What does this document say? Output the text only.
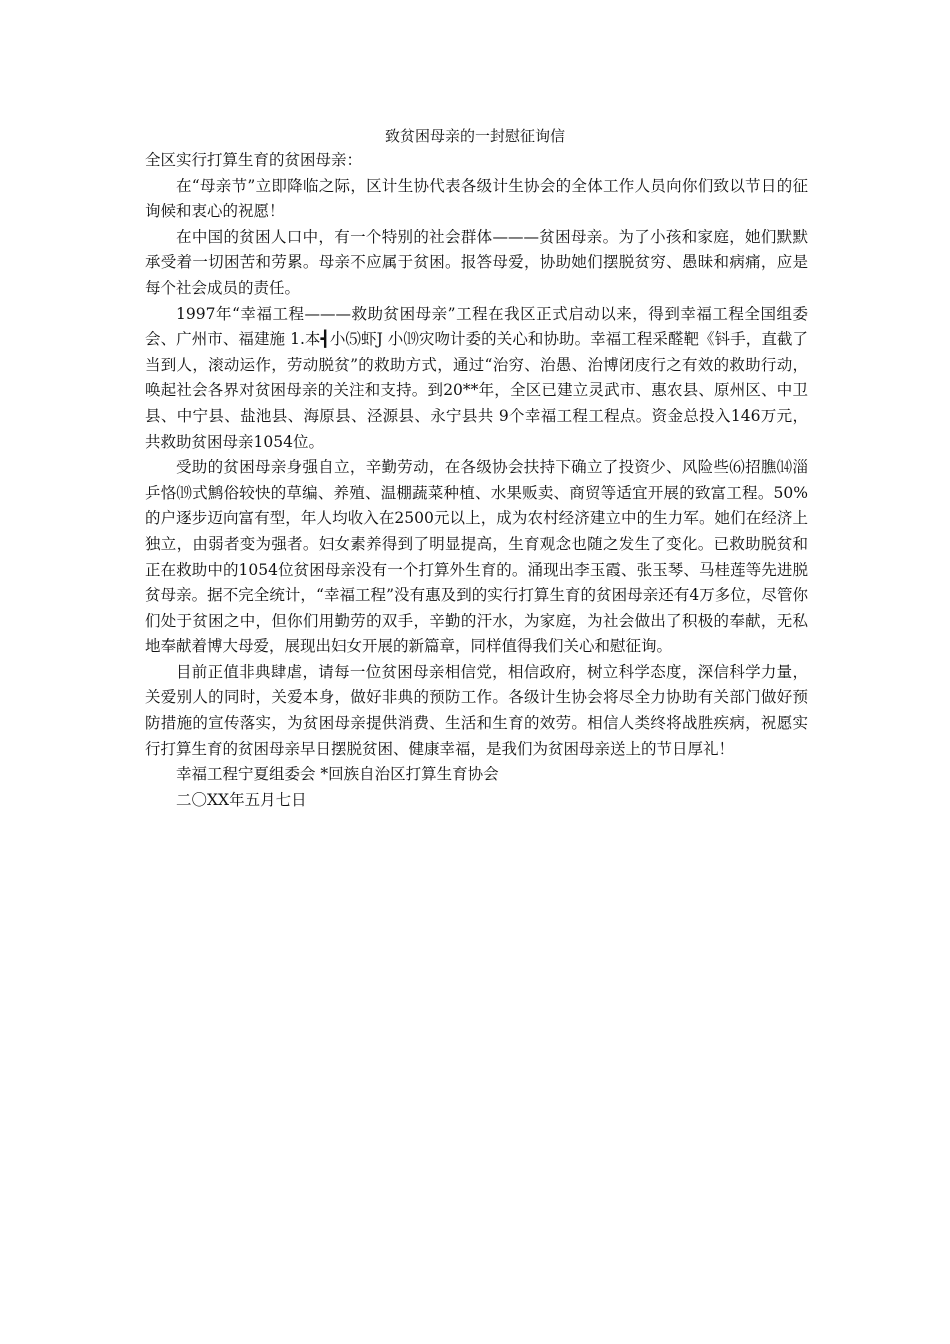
致贫困母亲的一封慰征询信

全区实行打算生育的贫困母亲：

在“母亲节”立即降临之际，区计生协代表各级计生协会的全体工作人员向你们致以节日的征询候和衷心的祝愿！

在中国的贫困人口中，有一个特别的社会群体———贫困母亲。为了小孩和家庭，她们默默承受着一切困苦和劳累。母亲不应属于贫困。报答母爱，协助她们摆脱贫穷、愚昧和病痛，应是每个社会成员的责任。

1997年“幸福工程———救助贫困母亲”工程在我区正式启动以来，得到幸福工程全国组委会、广州市、福建施 1.本┫小⑸虾J 小⒆灾吻计委的关心和协助。幸福工程采醛靶《钭手，直截了当到人，滚动运作，劳动脱贫”的救助方式，通过“治穷、治愚、治博闭庋行之有效的救助行动，唤起社会各界对贫困母亲的关注和支持。到20**年，全区已建立灵武市、惠农县、原州区、中卫县、中宁县、盐池县、海原县、泾源县、永宁县共 9个幸福工程工程点。资金总投入146万元，共救助贫困母亲1054位。

受助的贫困母亲身强自立，辛勤劳动，在各级协会扶持下确立了投资少、风险些⑹招膲⒁淄乒恪⒆式鹪俗较快的草编、养殖、温棚蔬菜种植、水果贩卖、商贸等适宜开展的致富工程。50%的户逐步迈向富有型，年人均收入在2500元以上，成为农村经济建立中的生力军。她们在经济上独立，由弱者变为强者。妇女素养得到了明显提高，生育观念也随之发生了变化。已救助脱贫和正在救助中的1054位贫困母亲没有一个打算外生育的。涌现出李玉霞、张玉琴、马桂莲等先进脱贫母亲。据不完全统计，“幸福工程”没有惠及到的实行打算生育的贫困母亲还有4万多位，尽管你们处于贫困之中，但你们用勤劳的双手，辛勤的汗水，为家庭，为社会做出了积极的奉献，无私地奉献着博大母爱，展现出妇女开展的新篇章，同样值得我们关心和慰征询。

目前正值非典肆虐，请每一位贫困母亲相信党，相信政府，树立科学态度，深信科学力量，关爱别人的同时，关爱本身，做好非典的预防工作。各级计生协会将尽全力协助有关部门做好预防措施的宣传落实，为贫困母亲提供消费、生活和生育的效劳。相信人类终将战胜疾病，祝愿实行打算生育的贫困母亲早日摆脱贫困、健康幸福，是我们为贫困母亲送上的节日厚礼！

幸福工程宁夏组委会 *回族自治区打算生育协会

二〇XX年五月七日
